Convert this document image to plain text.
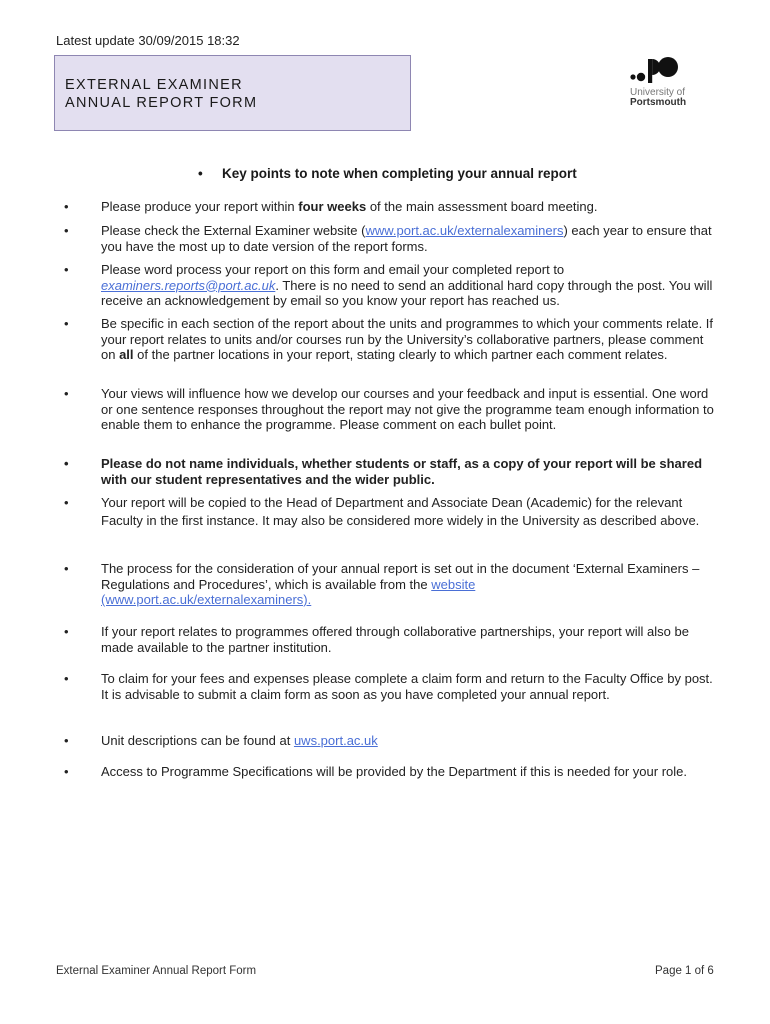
Latest update 30/09/2015 18:32
EXTERNAL EXAMINER
ANNUAL REPORT FORM
University of
Portsmouth
• Key points to note when completing your annual report
•	Please produce your report within four weeks of the main assessment board meeting.
•	Please check the External Examiner website (www.port.ac.uk/externalexaminers) each year to ensure that you have the most up to date version of the report forms.
•	Please word process your report on this form and email your completed report to examiners.reports@port.ac.uk. There is no need to send an additional hard copy through the post. You will receive an acknowledgement by email so you know your report has reached us.
•	Be specific in each section of the report about the units and programmes to which your comments relate. If your report relates to units and/or courses run by the University’s collaborative partners, please comment on all of the partner locations in your report, stating clearly to which partner each comment relates.
•	Your views will influence how we develop our courses and your feedback and input is essential. One word or one sentence responses throughout the report may not give the programme team enough information to enable them to enhance the programme. Please comment on each bullet point.
•	Please do not name individuals, whether students or staff, as a copy of your report will be shared with our student representatives and the wider public.
•	Your report will be copied to the Head of Department and Associate Dean (Academic) for the relevant Faculty in the first instance. It may also be considered more widely in the University as described above.
•	The process for the consideration of your annual report is set out in the document ‘External Examiners – Regulations and Procedures’, which is available from the website
(www.port.ac.uk/externalexaminers).
•	If your report relates to programmes offered through collaborative partnerships, your report will also be made available to the partner institution.
•	To claim for your fees and expenses please complete a claim form and return to the Faculty Office by post. It is advisable to submit a claim form as soon as you have completed your annual report.
•	Unit descriptions can be found at uws.port.ac.uk
•	Access to Programme Specifications will be provided by the Department if this is needed for your role.
External Examiner Annual Report Form	Page 1 of 6
